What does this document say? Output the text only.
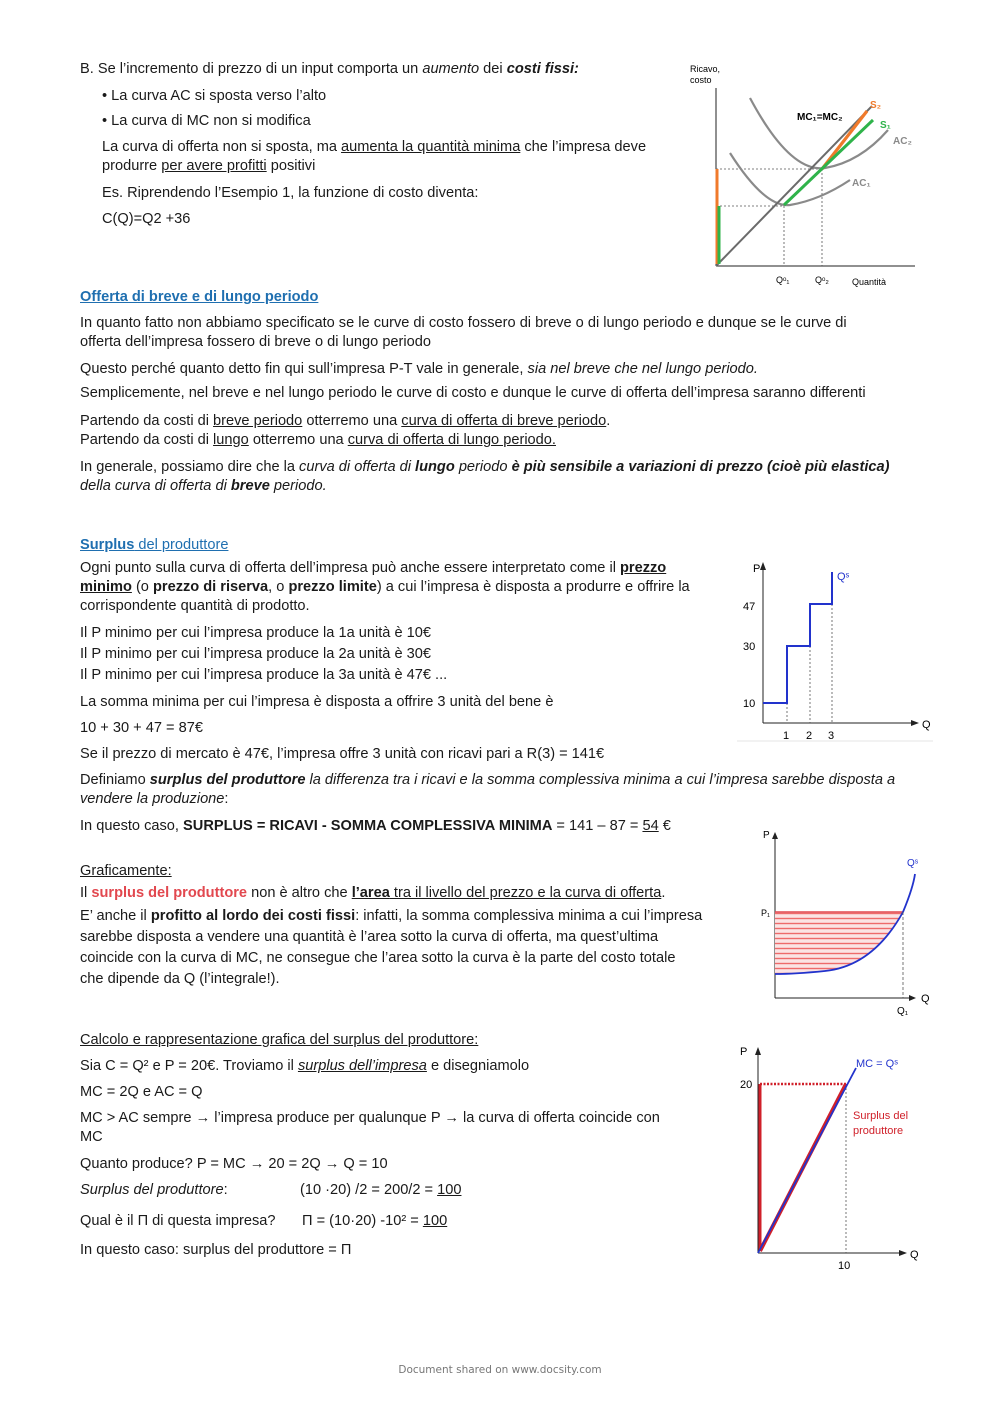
B. Se l’incremento di prezzo di un input comporta un aumento dei costi fissi:
• La curva AC si sposta verso l’alto
• La curva di MC non si modifica
La curva di offerta non si sposta, ma aumenta la quantità minima che l’impresa deve
produrre per avere profitti positivi
Es. Riprendendo l’Esempio 1, la funzione di costo diventa:
C(Q)=Q2 +36
Ricavo,
costo
MC₁=MC₂
S₂
S₁
AC₂
AC₁
Qᵒ₁	Qᵒ₂	Quantità
Offerta di breve e di lungo periodo
In quanto fatto non abbiamo specificato se le curve di costo fossero di breve o di lungo periodo e dunque se le curve di
offerta dell’impresa fossero di breve o di lungo periodo
Questo perché quanto detto fin qui sull’impresa P-T vale in generale, sia nel breve che nel lungo periodo.
Semplicemente, nel breve e nel lungo periodo le curve di costo e dunque le curve di offerta dell’impresa saranno differenti
Partendo da costi di breve periodo otterremo una curva di offerta di breve periodo.
Partendo da costi di lungo otterremo una curva di offerta di lungo periodo.
In generale, possiamo dire che la curva di offerta di lungo periodo è più sensibile a variazioni di prezzo (cioè più elastica)
della curva di offerta di breve periodo.
Surplus del produttore
Ogni punto sulla curva di offerta dell’impresa può anche essere interpretato come il prezzo
minimo (o prezzo di riserva, o prezzo limite) a cui l’impresa è disposta a produrre e offrire la
corrispondente quantità di prodotto.
Il P minimo per cui l’impresa produce la 1a unità è 10€
Il P minimo per cui l’impresa produce la 2a unità è 30€
Il P minimo per cui l’impresa produce la 3a unità è 47€ ...
La somma minima per cui l’impresa è disposta a offrire 3 unità del bene è
10 + 30 + 47 = 87€
Se il prezzo di mercato è 47€, l’impresa offre 3 unità con ricavi pari a R(3) = 141€
Definiamo surplus del produttore la differenza tra i ricavi e la somma complessiva minima a cui l’impresa sarebbe disposta a
vendere la produzione:
In questo caso, SURPLUS = RICAVI - SOMMA COMPLESSIVA MINIMA = 141 – 87 = 54 €
P
Q
Qˢ
47
30
10
1 2 3
Graficamente:
Il surplus del produttore non è altro che l’area tra il livello del prezzo e la curva di offerta.
E’ anche il profitto al lordo dei costi fissi: infatti, la somma complessiva minima a cui l’impresa
sarebbe disposta a vendere una quantità è l’area sotto la curva di offerta, ma quest’ultima
coincide con la curva di MC, ne consegue che l’area sotto la curva è la parte del costo totale
che dipende da Q (l’integrale!).
P
P₁
Q
Qˢ
Q₁
Calcolo e rappresentazione grafica del surplus del produttore:
Sia C = Q² e P = 20€. Troviamo il surplus dell’impresa e disegniamolo
MC = 2Q e AC = Q
MC > AC sempre → l’impresa produce per qualunque P → la curva di offerta coincide con
MC
Quanto produce? P = MC → 20 = 2Q → Q = 10
Surplus del produttore:	(10 ·20) /2 = 200/2 = 100
Qual è il Π di questa impresa? Π = (10·20) -10² = 100
In questo caso: surplus del produttore = Π
P
Q
20
10
MC = Qˢ
Surplus del
produttore
Document shared on www.docsity.com
